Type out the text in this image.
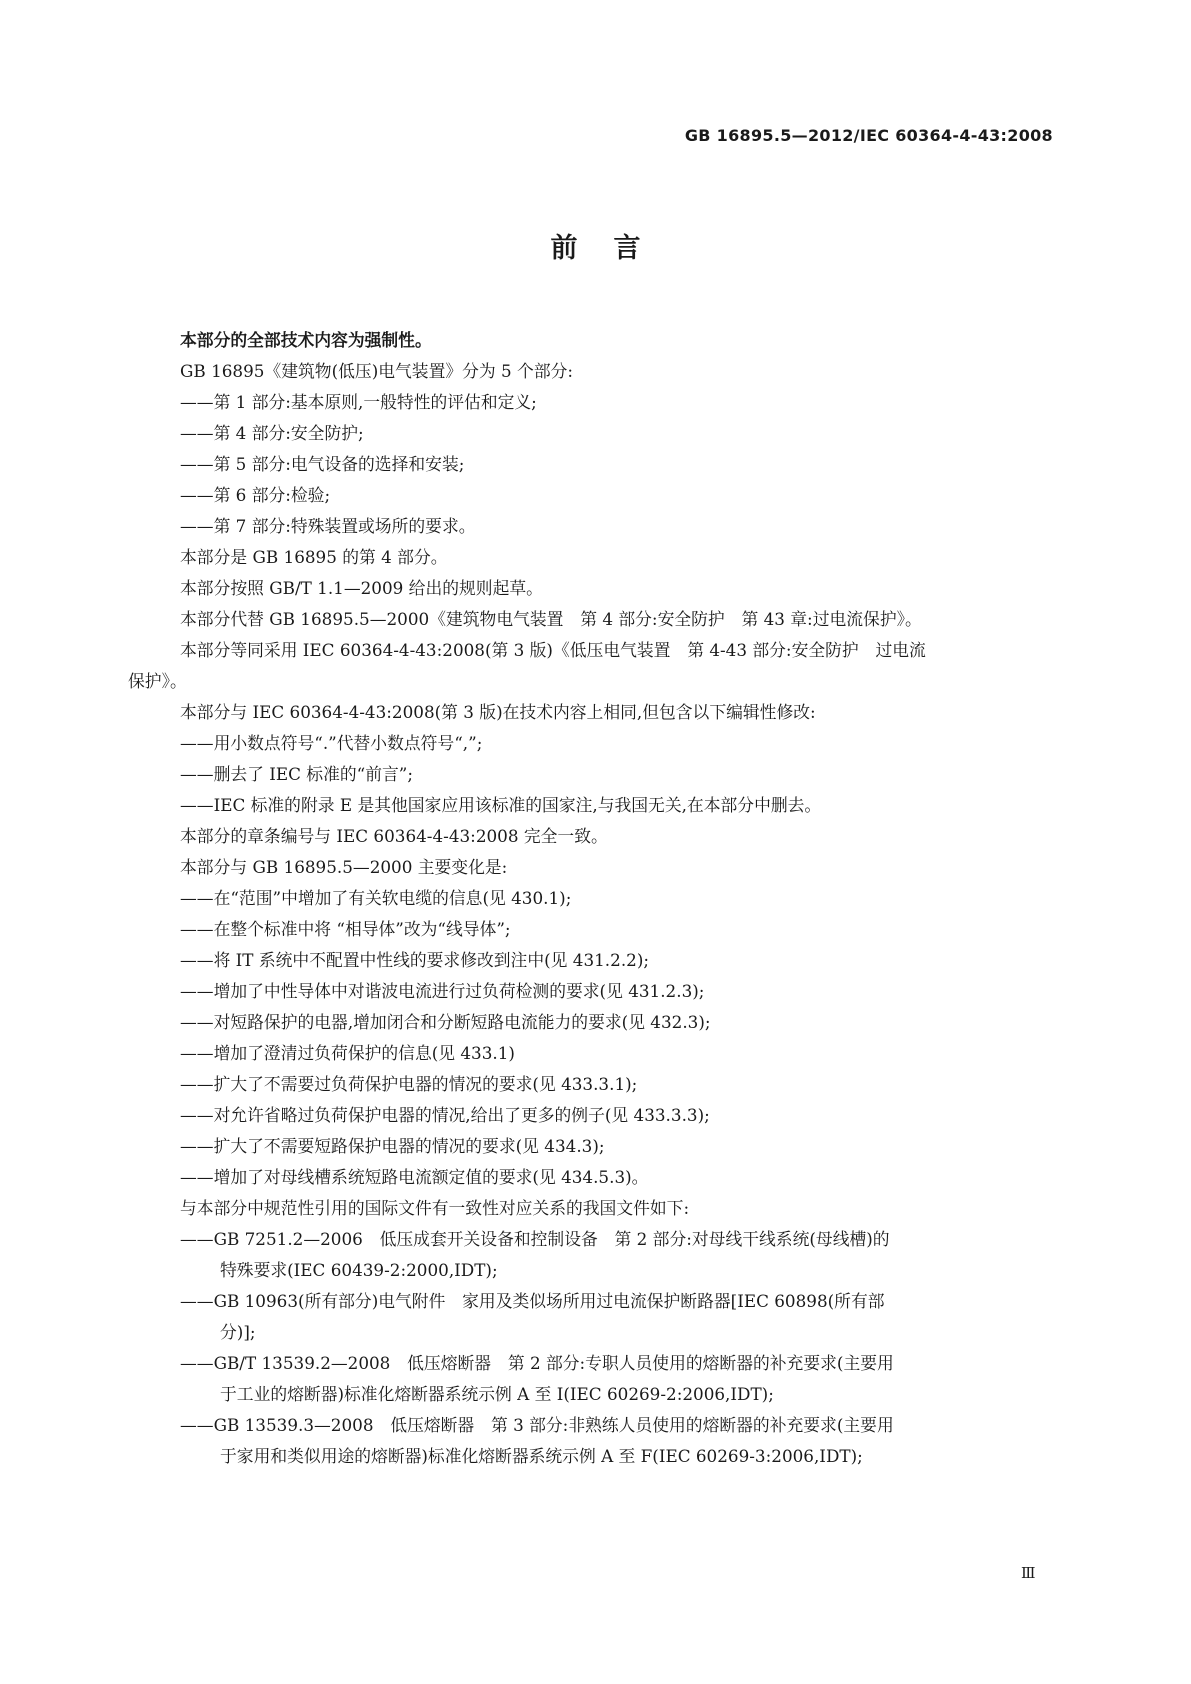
GB 16895.5—2012/IEC 60364-4-43:2008
前言

本部分的全部技术内容为强制性。

GB 16895《建筑物(低压)电气装置》分为 5 个部分:

——第 1 部分:基本原则,一般特性的评估和定义;

——第 4 部分:安全防护;

——第 5 部分:电气设备的选择和安装;

——第 6 部分:检验;

——第 7 部分:特殊装置或场所的要求。

本部分是 GB 16895 的第 4 部分。

本部分按照 GB/T 1.1—2009 给出的规则起草。

本部分代替 GB 16895.5—2000《建筑物电气装置　第 4 部分:安全防护　第 43 章:过电流保护》。

本部分等同采用 IEC 60364-4-43:2008(第 3 版)《低压电气装置　第 4-43 部分:安全防护　过电流

保护》。

本部分与 IEC 60364-4-43:2008(第 3 版)在技术内容上相同,但包含以下编辑性修改:

——用小数点符号“.”代替小数点符号“,”;

——删去了 IEC 标准的“前言”;

——IEC 标准的附录 E 是其他国家应用该标准的国家注,与我国无关,在本部分中删去。

本部分的章条编号与 IEC 60364-4-43:2008 完全一致。

本部分与 GB 16895.5—2000 主要变化是:

——在“范围”中增加了有关软电缆的信息(见 430.1);

——在整个标准中将 “相导体”改为“线导体”;

——将 IT 系统中不配置中性线的要求修改到注中(见 431.2.2);

——增加了中性导体中对谐波电流进行过负荷检测的要求(见 431.2.3);

——对短路保护的电器,增加闭合和分断短路电流能力的要求(见 432.3);

——增加了澄清过负荷保护的信息(见 433.1)

——扩大了不需要过负荷保护电器的情况的要求(见 433.3.1);

——对允许省略过负荷保护电器的情况,给出了更多的例子(见 433.3.3);

——扩大了不需要短路保护电器的情况的要求(见 434.3);

——增加了对母线槽系统短路电流额定值的要求(见 434.5.3)。

与本部分中规范性引用的国际文件有一致性对应关系的我国文件如下:

——GB 7251.2—2006　低压成套开关设备和控制设备　第 2 部分:对母线干线系统(母线槽)的

特殊要求(IEC 60439-2:2000,IDT);

——GB 10963(所有部分)电气附件　家用及类似场所用过电流保护断路器[IEC 60898(所有部

分)];

——GB/T 13539.2—2008　低压熔断器　第 2 部分:专职人员使用的熔断器的补充要求(主要用

于工业的熔断器)标准化熔断器系统示例 A 至 I(IEC 60269-2:2006,IDT);

——GB 13539.3—2008　低压熔断器　第 3 部分:非熟练人员使用的熔断器的补充要求(主要用

于家用和类似用途的熔断器)标准化熔断器系统示例 A 至 F(IEC 60269-3:2006,IDT);

Ⅲ
